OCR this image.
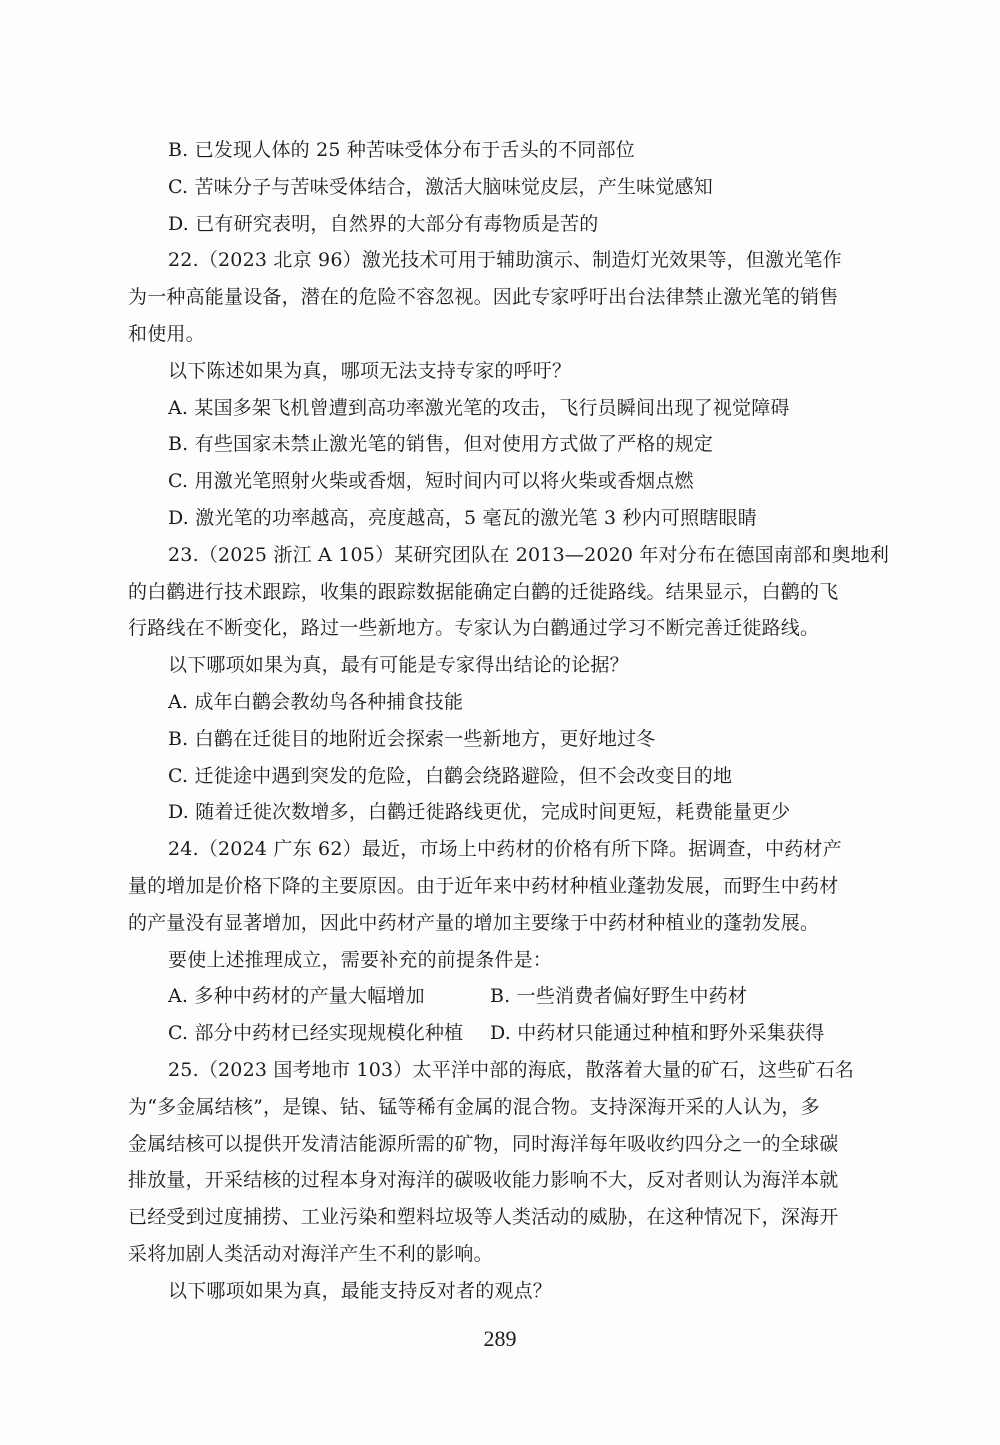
B. 已发现人体的 25 种苦味受体分布于舌头的不同部位
C. 苦味分子与苦味受体结合，激活大脑味觉皮层，产生味觉感知
D. 已有研究表明，自然界的大部分有毒物质是苦的
22.（2023 北京 96）激光技术可用于辅助演示、制造灯光效果等，但激光笔作
为一种高能量设备，潜在的危险不容忽视。因此专家呼吁出台法律禁止激光笔的销售
和使用。
以下陈述如果为真，哪项无法支持专家的呼吁？
A. 某国多架飞机曾遭到高功率激光笔的攻击，飞行员瞬间出现了视觉障碍
B. 有些国家未禁止激光笔的销售，但对使用方式做了严格的规定
C. 用激光笔照射火柴或香烟，短时间内可以将火柴或香烟点燃
D. 激光笔的功率越高，亮度越高，5 毫瓦的激光笔 3 秒内可照瞎眼睛
23.（2025 浙江 A 105）某研究团队在 2013—2020 年对分布在德国南部和奥地利
的白鹳进行技术跟踪，收集的跟踪数据能确定白鹳的迁徙路线。结果显示，白鹳的飞
行路线在不断变化，路过一些新地方。专家认为白鹳通过学习不断完善迁徙路线。
以下哪项如果为真，最有可能是专家得出结论的论据？
A. 成年白鹳会教幼鸟各种捕食技能
B. 白鹳在迁徙目的地附近会探索一些新地方，更好地过冬
C. 迁徙途中遇到突发的危险，白鹳会绕路避险，但不会改变目的地
D. 随着迁徙次数增多，白鹳迁徙路线更优，完成时间更短，耗费能量更少
24.（2024 广东 62）最近，市场上中药材的价格有所下降。据调查，中药材产
量的增加是价格下降的主要原因。由于近年来中药材种植业蓬勃发展，而野生中药材
的产量没有显著增加，因此中药材产量的增加主要缘于中药材种植业的蓬勃发展。
要使上述推理成立，需要补充的前提条件是：
A. 多种中药材的产量大幅增加	B. 一些消费者偏好野生中药材
C. 部分中药材已经实现规模化种植	D. 中药材只能通过种植和野外采集获得
25.（2023 国考地市 103）太平洋中部的海底，散落着大量的矿石，这些矿石名
为“多金属结核”，是镍、钴、锰等稀有金属的混合物。支持深海开采的人认为，多
金属结核可以提供开发清洁能源所需的矿物，同时海洋每年吸收约四分之一的全球碳
排放量，开采结核的过程本身对海洋的碳吸收能力影响不大，反对者则认为海洋本就
已经受到过度捕捞、工业污染和塑料垃圾等人类活动的威胁，在这种情况下，深海开
采将加剧人类活动对海洋产生不利的影响。
以下哪项如果为真，最能支持反对者的观点？
289
